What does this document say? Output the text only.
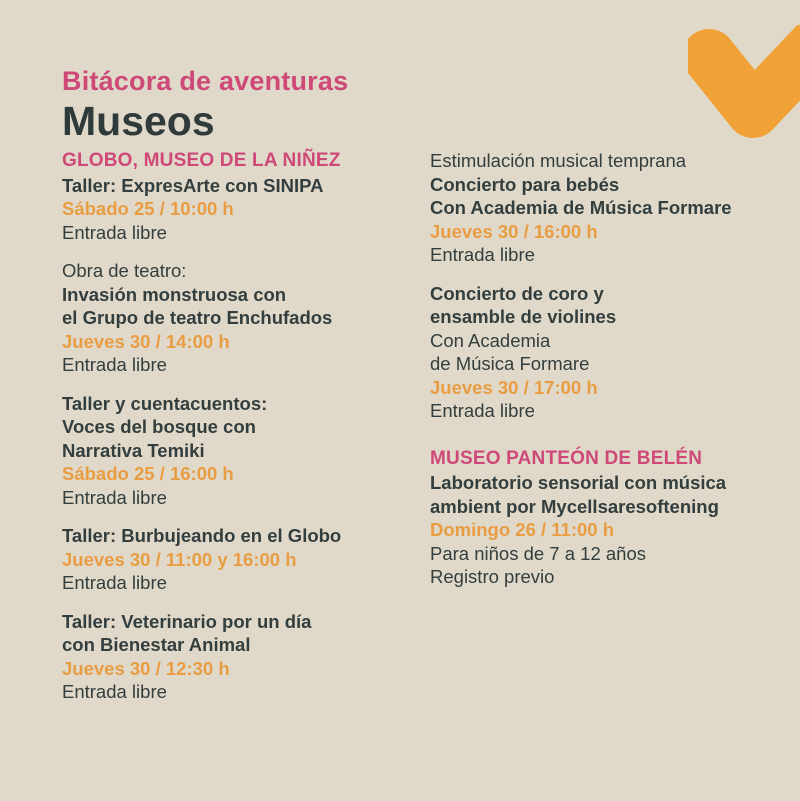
Bitácora de aventuras
Museos
GLOBO, MUSEO DE LA NIÑEZ
Taller: ExpresArte con SINIPA
Sábado 25 / 10:00 h
Entrada libre
Obra de teatro:
Invasión monstruosa con
el Grupo de teatro Enchufados
Jueves 30 / 14:00 h
Entrada libre
Taller y cuentacuentos:
Voces del bosque con
Narrativa Temiki
Sábado 25 / 16:00 h
Entrada libre
Taller: Burbujeando en el Globo
Jueves 30 / 11:00 y 16:00 h
Entrada libre
Taller: Veterinario por un día
con Bienestar Animal
Jueves 30 / 12:30 h
Entrada libre
Estimulación musical temprana
Concierto para bebés
Con Academia de Música Formare
Jueves 30 / 16:00 h
Entrada libre
Concierto de coro y
ensamble de violines
Con Academia
de Música Formare
Jueves 30 / 17:00 h
Entrada libre
MUSEO PANTEÓN DE BELÉN
Laboratorio sensorial con música
ambient por Mycellsaresoftening
Domingo 26 / 11:00 h
Para niños de 7 a 12 años
Registro previo
